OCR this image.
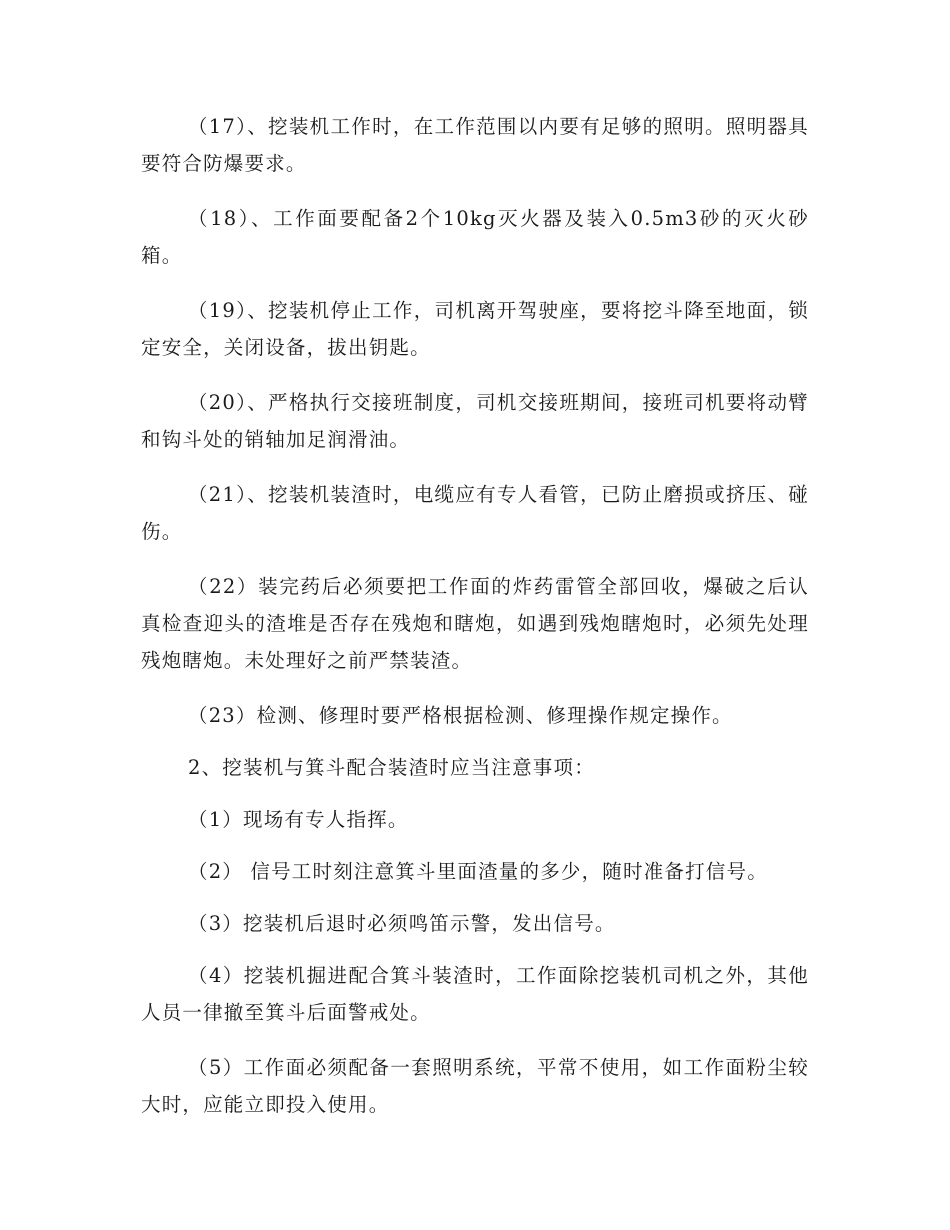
（17）、挖装机工作时，在工作范围以内要有足够的照明。照明器具要符合防爆要求。

（18）、工作面要配备2个10kg灭火器及装入0.5m3砂的灭火砂箱。

（19）、挖装机停止工作，司机离开驾驶座，要将挖斗降至地面，锁定安全，关闭设备，拔出钥匙。

（20）、严格执行交接班制度，司机交接班期间，接班司机要将动臂和钩斗处的销轴加足润滑油。

（21）、挖装机装渣时，电缆应有专人看管，已防止磨损或挤压、碰伤。

（22）装完药后必须要把工作面的炸药雷管全部回收，爆破之后认真检查迎头的渣堆是否存在残炮和瞎炮，如遇到残炮瞎炮时，必须先处理残炮瞎炮。未处理好之前严禁装渣。

（23）检测、修理时要严格根据检测、修理操作规定操作。

2、挖装机与箕斗配合装渣时应当注意事项：

（1）现场有专人指挥。

（2） 信号工时刻注意箕斗里面渣量的多少，随时准备打信号。

（3）挖装机后退时必须鸣笛示警，发出信号。

（4）挖装机掘进配合箕斗装渣时，工作面除挖装机司机之外，其他人员一律撤至箕斗后面警戒处。

（5）工作面必须配备一套照明系统，平常不使用，如工作面粉尘较大时，应能立即投入使用。
